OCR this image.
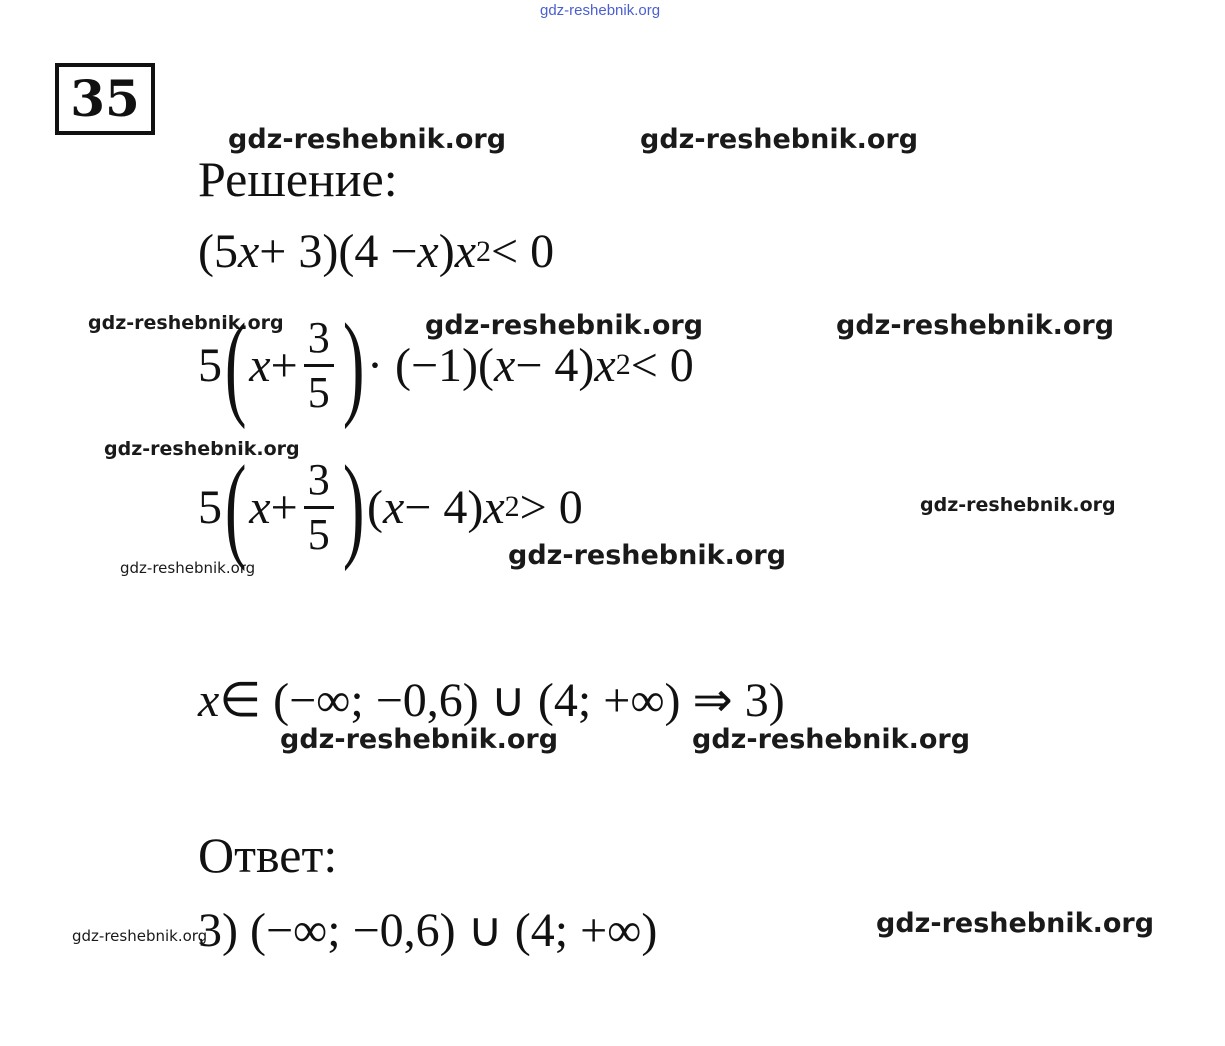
gdz-reshebnik.org
35
gdz-reshebnik.org	gdz-reshebnik.org
Решение:
(5 x + 3)(4 − x ) x 2 < 0
gdz-reshebnik.org	gdz-reshebnik.org	gdz-reshebnik.org
5 ( $x + \frac{3}{5}$ ) · (−1)( x − 4) x 2 < 0
gdz-reshebnik.org
gdz-reshebnik.org
gdz-reshebnik.org	gdz-reshebnik.org
5 ( $x + \frac{3}{5}$ ) ( x − 4) x 2 > 0
x ∈ (−∞; −0,6) ∪ (4; +∞) ⇒ 3)
gdz-reshebnik.org	gdz-reshebnik.org
Ответ:
gdz-reshebnik.org	gdz-reshebnik.org
3) (−∞; −0,6) ∪ (4; +∞)
